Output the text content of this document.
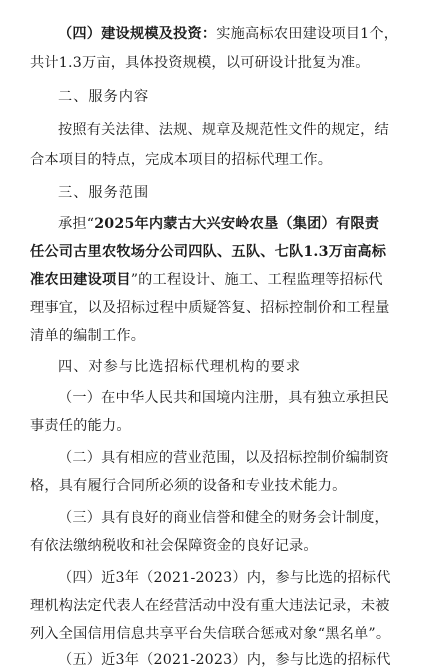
（四）建设规模及投资：实施高标农田建设项目1个，
共计1.3万亩，具体投资规模，以可研设计批复为准。
二、服务内容
按照有关法律、法规、规章及规范性文件的规定，结
合本项目的特点，完成本项目的招标代理工作。
三、服务范围
承担“2025年内蒙古大兴安岭农垦（集团）有限责
任公司古里农牧场分公司四队、五队、七队1.3万亩高标
准农田建设项目”的工程设计、施工、工程监理等招标代
理事宜，以及招标过程中质疑答复、招标控制价和工程量
清单的编制工作。
四、对参与比选招标代理机构的要求
（一）在中华人民共和国境内注册，具有独立承担民
事责任的能力。
（二）具有相应的营业范围，以及招标控制价编制资
格，具有履行合同所必须的设备和专业技术能力。
（三）具有良好的商业信誉和健全的财务会计制度，
有依法缴纳税收和社会保障资金的良好记录。
（四）近3年（2021-2023）内，参与比选的招标代
理机构法定代表人在经营活动中没有重大违法记录，未被
列入全国信用信息共享平台失信联合惩戒对象“黑名单”。
（五）近3年（2021-2023）内，参与比选的招标代
